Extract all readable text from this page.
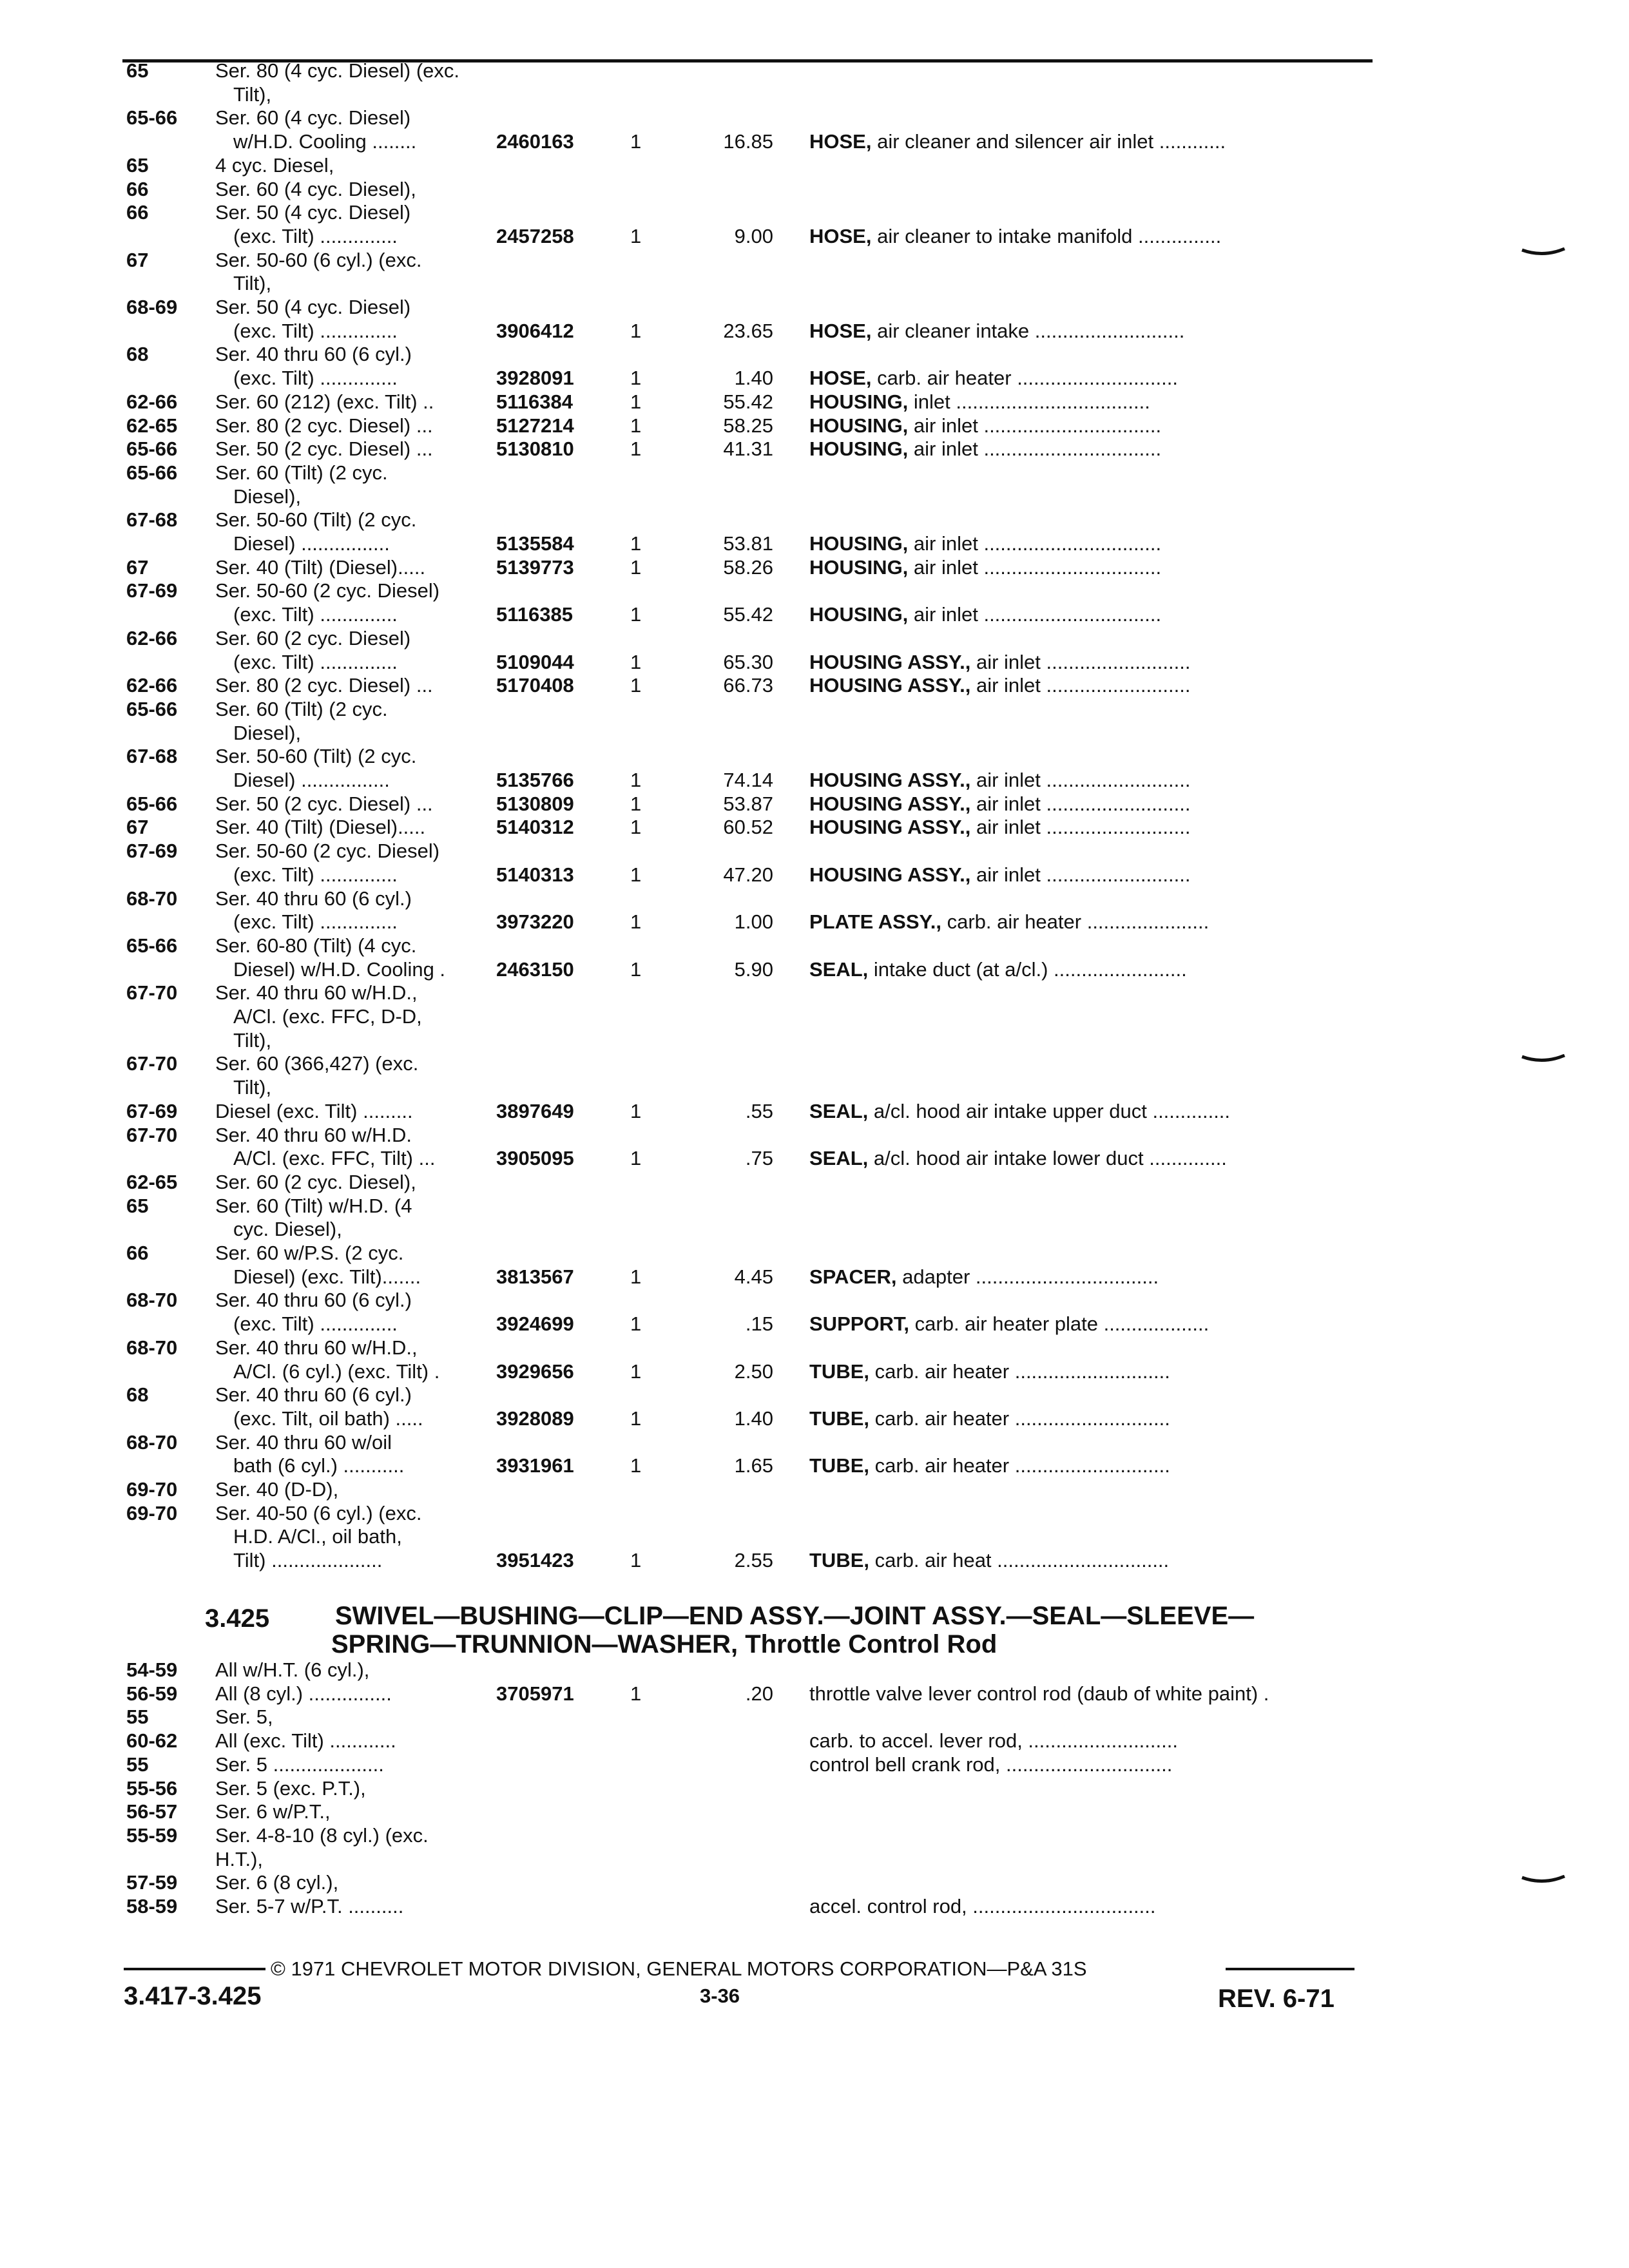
65	Ser. 80 (4 cyc. Diesel) (exc.
Tilt),
65-66 Ser. 60 (4 cyc. Diesel)
w/H.D. Cooling ........	2460163	1	16.85 HOSE, air cleaner and silencer air inlet ............
65	4 cyc. Diesel,
66	Ser. 60 (4 cyc. Diesel),
66	Ser. 50 (4 cyc. Diesel)
(exc. Tilt) ..............	2457258	1	9.00 HOSE, air cleaner to intake manifold ...............
67	Ser. 50-60 (6 cyl.) (exc.
Tilt),
68-69 Ser. 50 (4 cyc. Diesel)
(exc. Tilt) ..............	3906412	1	23.65 HOSE, air cleaner intake ...........................
68	Ser. 40 thru 60 (6 cyl.)
(exc. Tilt) ..............	3928091	1	1.40 HOSE, carb. air heater .............................
62-66 Ser. 60 (212) (exc. Tilt) ..	5116384	1	55.42 HOUSING, inlet ...................................
62-65 Ser. 80 (2 cyc. Diesel) ...	5127214	1	58.25 HOUSING, air inlet ................................
65-66 Ser. 50 (2 cyc. Diesel) ...	5130810	1	41.31 HOUSING, air inlet ................................
65-66 Ser. 60 (Tilt) (2 cyc.
Diesel),
67-68 Ser. 50-60 (Tilt) (2 cyc.
Diesel) ................	5135584	1	53.81 HOUSING, air inlet ................................
67	Ser. 40 (Tilt) (Diesel).....	5139773	1	58.26 HOUSING, air inlet ................................
67-69 Ser. 50-60 (2 cyc. Diesel)
(exc. Tilt) ..............	5116385	1	55.42 HOUSING, air inlet ................................
62-66 Ser. 60 (2 cyc. Diesel)
(exc. Tilt) ..............	5109044	1	65.30 HOUSING ASSY., air inlet ..........................
62-66 Ser. 80 (2 cyc. Diesel) ...	5170408	1	66.73 HOUSING ASSY., air inlet ..........................
65-66 Ser. 60 (Tilt) (2 cyc.
Diesel),
67-68 Ser. 50-60 (Tilt) (2 cyc.
Diesel) ................	5135766	1	74.14 HOUSING ASSY., air inlet ..........................
65-66 Ser. 50 (2 cyc. Diesel) ...	5130809	1	53.87 HOUSING ASSY., air inlet ..........................
67	Ser. 40 (Tilt) (Diesel).....	5140312	1	60.52 HOUSING ASSY., air inlet ..........................
67-69 Ser. 50-60 (2 cyc. Diesel)
(exc. Tilt) ..............	5140313	1	47.20 HOUSING ASSY., air inlet ..........................
68-70 Ser. 40 thru 60 (6 cyl.)
(exc. Tilt) ..............	3973220	1	1.00 PLATE ASSY., carb. air heater ......................
65-66 Ser. 60-80 (Tilt) (4 cyc.
Diesel) w/H.D. Cooling .	2463150	1	5.90 SEAL, intake duct (at a/cl.) ........................
67-70 Ser. 40 thru 60 w/H.D.,
A/Cl. (exc. FFC, D-D,
Tilt),
67-70 Ser. 60 (366,427) (exc.
Tilt),
67-69 Diesel (exc. Tilt) .........	3897649	1	.55 SEAL, a/cl. hood air intake upper duct ..............
67-70 Ser. 40 thru 60 w/H.D.
A/Cl. (exc. FFC, Tilt) ...	3905095	1	.75 SEAL, a/cl. hood air intake lower duct ..............
62-65 Ser. 60 (2 cyc. Diesel),
65	Ser. 60 (Tilt) w/H.D. (4
cyc. Diesel),
66	Ser. 60 w/P.S. (2 cyc.
Diesel) (exc. Tilt).......	3813567	1	4.45 SPACER, adapter .................................
68-70 Ser. 40 thru 60 (6 cyl.)
(exc. Tilt) ..............	3924699	1	.15 SUPPORT, carb. air heater plate ...................
68-70 Ser. 40 thru 60 w/H.D.,
A/Cl. (6 cyl.) (exc. Tilt) .	3929656	1	2.50 TUBE, carb. air heater ............................
68	Ser. 40 thru 60 (6 cyl.)
(exc. Tilt, oil bath) .....	3928089	1	1.40 TUBE, carb. air heater ............................
68-70 Ser. 40 thru 60 w/oil
bath (6 cyl.) ...........	3931961	1	1.65 TUBE, carb. air heater ............................
69-70 Ser. 40 (D-D),
69-70 Ser. 40-50 (6 cyl.) (exc.
H.D. A/Cl., oil bath,
Tilt) ....................	3951423	1	2.55 TUBE, carb. air heat ...............................
3.425	SWIVEL—BUSHING—CLIP—END ASSY.—JOINT ASSY.—SEAL—SLEEVE—
SPRING—TRUNNION—WASHER, Throttle Control Rod
54-59 All w/H.T. (6 cyl.),
56-59 All (8 cyl.) ...............	3705971	1	.20 throttle valve lever control rod (daub of white paint) .
55	Ser. 5,
60-62 All (exc. Tilt) ............	carb. to accel. lever rod, ...........................
55	Ser. 5 ....................	control bell crank rod, ..............................
55-56 Ser. 5 (exc. P.T.),
56-57 Ser. 6 w/P.T.,
55-59 Ser. 4-8-10 (8 cyl.) (exc.
H.T.),
57-59 Ser. 6 (8 cyl.),
58-59 Ser. 5-7 w/P.T. ..........	accel. control rod, .................................
© 1971 CHEVROLET MOTOR DIVISION, GENERAL MOTORS CORPORATION—P&A 31S
3.417-3.425	3-36	REV. 6-71
